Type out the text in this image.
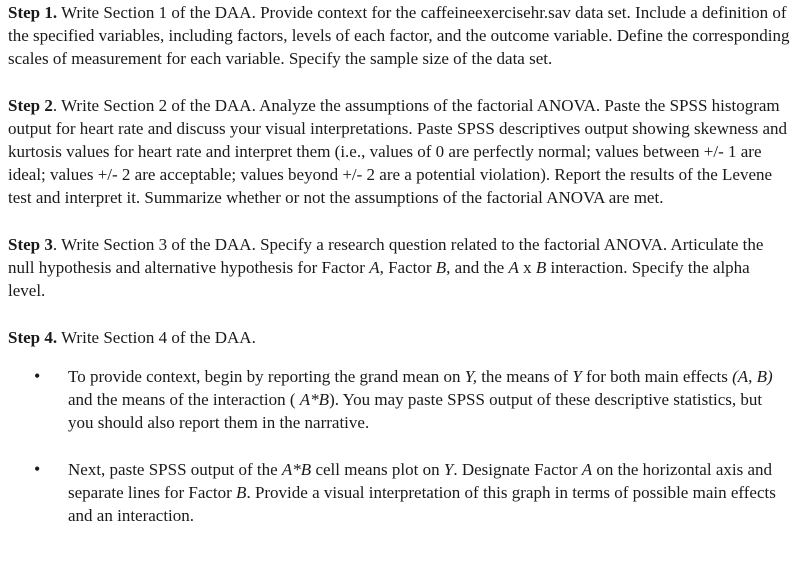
Step 1. Write Section 1 of the DAA. Provide context for the caffeineexercisehr.sav data set. Include a definition of the specified variables, including factors, levels of each factor, and the outcome variable. Define the corresponding scales of measurement for each variable. Specify the sample size of the data set.

Step 2. Write Section 2 of the DAA. Analyze the assumptions of the factorial ANOVA. Paste the SPSS histogram output for heart rate and discuss your visual interpretations. Paste SPSS descriptives output showing skewness and kurtosis values for heart rate and interpret them (i.e., values of 0 are perfectly normal; values between +/- 1 are ideal; values +/- 2 are acceptable; values beyond +/- 2 are a potential violation). Report the results of the Levene test and interpret it. Summarize whether or not the assumptions of the factorial ANOVA are met.

Step 3. Write Section 3 of the DAA. Specify a research question related to the factorial ANOVA. Articulate the null hypothesis and alternative hypothesis for Factor A, Factor B, and the A x B interaction. Specify the alpha level.

Step 4. Write Section 4 of the DAA.

• To provide context, begin by reporting the grand mean on Y, the means of Y for both main effects (A, B) and the means of the interaction ( A*B). You may paste SPSS output of these descriptive statistics, but you should also report them in the narrative.
• Next, paste SPSS output of the A*B cell means plot on Y. Designate Factor A on the horizontal axis and separate lines for Factor B. Provide a visual interpretation of this graph in terms of possible main effects and an interaction.
